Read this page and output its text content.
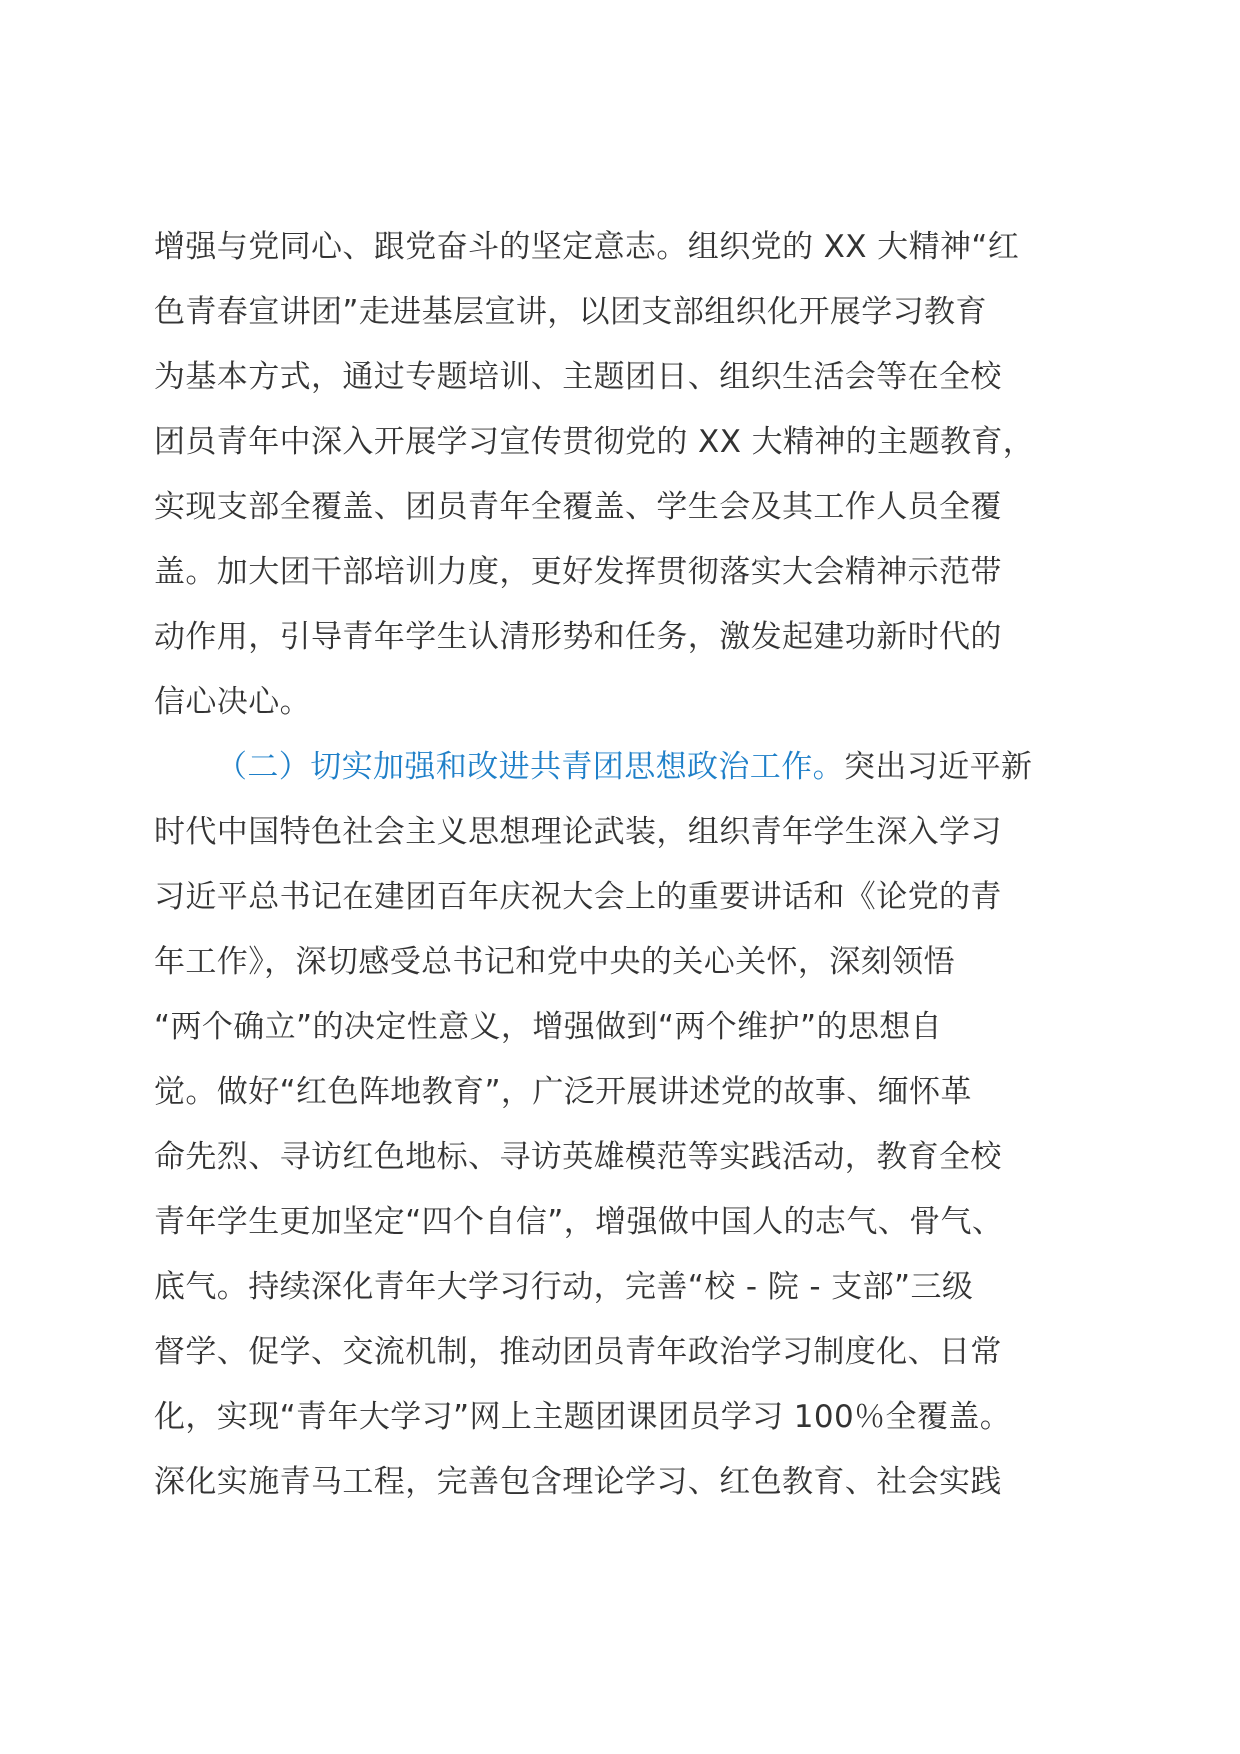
增强与党同心、跟党奋斗的坚定意志。组织党的 XX 大精神“红
色青春宣讲团”走进基层宣讲，以团支部组织化开展学习教育
为基本方式，通过专题培训、主题团日、组织生活会等在全校
团员青年中深入开展学习宣传贯彻党的 XX 大精神的主题教育，
实现支部全覆盖、团员青年全覆盖、学生会及其工作人员全覆
盖。加大团干部培训力度，更好发挥贯彻落实大会精神示范带
动作用，引导青年学生认清形势和任务，激发起建功新时代的
信心决心。
（二）切实加强和改进共青团思想政治工作。突出习近平新
时代中国特色社会主义思想理论武装，组织青年学生深入学习
习近平总书记在建团百年庆祝大会上的重要讲话和《论党的青
年工作》，深切感受总书记和党中央的关心关怀，深刻领悟
“两个确立”的决定性意义，增强做到“两个维护”的思想自
觉。做好“红色阵地教育”，广泛开展讲述党的故事、缅怀革
命先烈、寻访红色地标、寻访英雄模范等实践活动，教育全校
青年学生更加坚定“四个自信”，增强做中国人的志气、骨气、
底气。持续深化青年大学习行动，完善“校 - 院 - 支部”三级
督学、促学、交流机制，推动团员青年政治学习制度化、日常
化，实现“青年大学习”网上主题团课团员学习 100％全覆盖。
深化实施青马工程，完善包含理论学习、红色教育、社会实践
